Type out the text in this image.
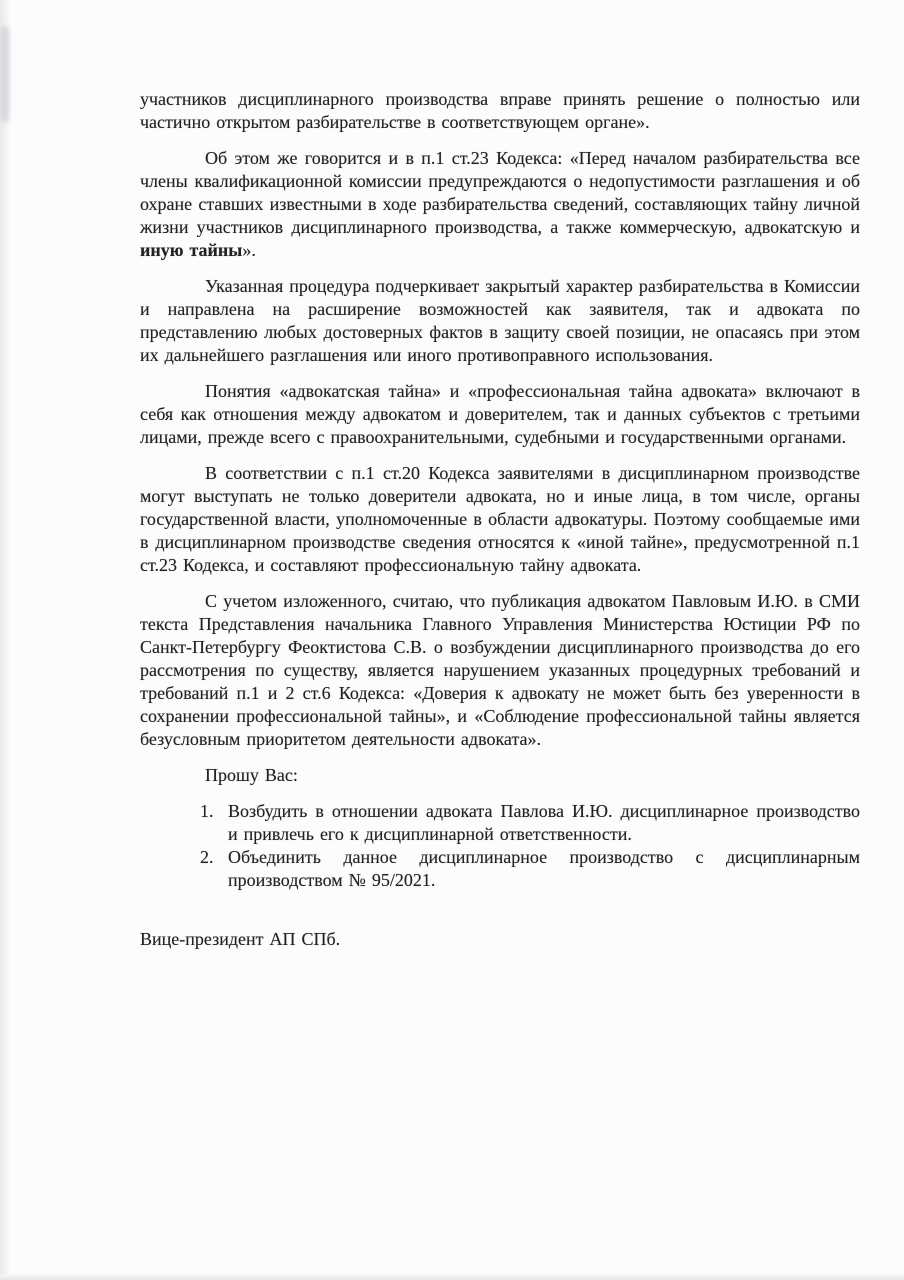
участников дисциплинарного производства вправе принять решение о полностью или частично открытом разбирательстве в соответствующем органе».

Об этом же говорится и в п.1 ст.23 Кодекса: «Перед началом разбирательства все члены квалификационной комиссии предупреждаются о недопустимости разглашения и об охране ставших известными в ходе разбирательства сведений, составляющих тайну личной жизни участников дисциплинарного производства, а также коммерческую, адвокатскую и иную тайны».

Указанная процедура подчеркивает закрытый характер разбирательства в Комиссии и направлена на расширение возможностей как заявителя, так и адвоката по представлению любых достоверных фактов в защиту своей позиции, не опасаясь при этом их дальнейшего разглашения или иного противоправного использования.

Понятия «адвокатская тайна» и «профессиональная тайна адвоката» включают в себя как отношения между адвокатом и доверителем, так и данных субъектов с третьими лицами, прежде всего с правоохранительными, судебными и государственными органами.

В соответствии с п.1 ст.20 Кодекса заявителями в дисциплинарном производстве могут выступать не только доверители адвоката, но и иные лица, в том числе, органы государственной власти, уполномоченные в области адвокатуры. Поэтому сообщаемые ими в дисциплинарном производстве сведения относятся к «иной тайне», предусмотренной п.1 ст.23 Кодекса, и составляют профессиональную тайну адвоката.

С учетом изложенного, считаю, что публикация адвокатом Павловым И.Ю. в СМИ текста Представления начальника Главного Управления Министерства Юстиции РФ по Санкт-Петербургу Феоктистова С.В. о возбуждении дисциплинарного производства до его рассмотрения по существу, является нарушением указанных процедурных требований и требований п.1 и 2 ст.6 Кодекса: «Доверия к адвокату не может быть без уверенности в сохранении профессиональной тайны», и «Соблюдение профессиональной тайны является безусловным приоритетом деятельности адвоката».

Прошу Вас:

1. Возбудить в отношении адвоката Павлова И.Ю. дисциплинарное производство и привлечь его к дисциплинарной ответственности.
2. Объединить данное дисциплинарное производство с дисциплинарным производством № 95/2021.

Вице-президент АП СПб.
